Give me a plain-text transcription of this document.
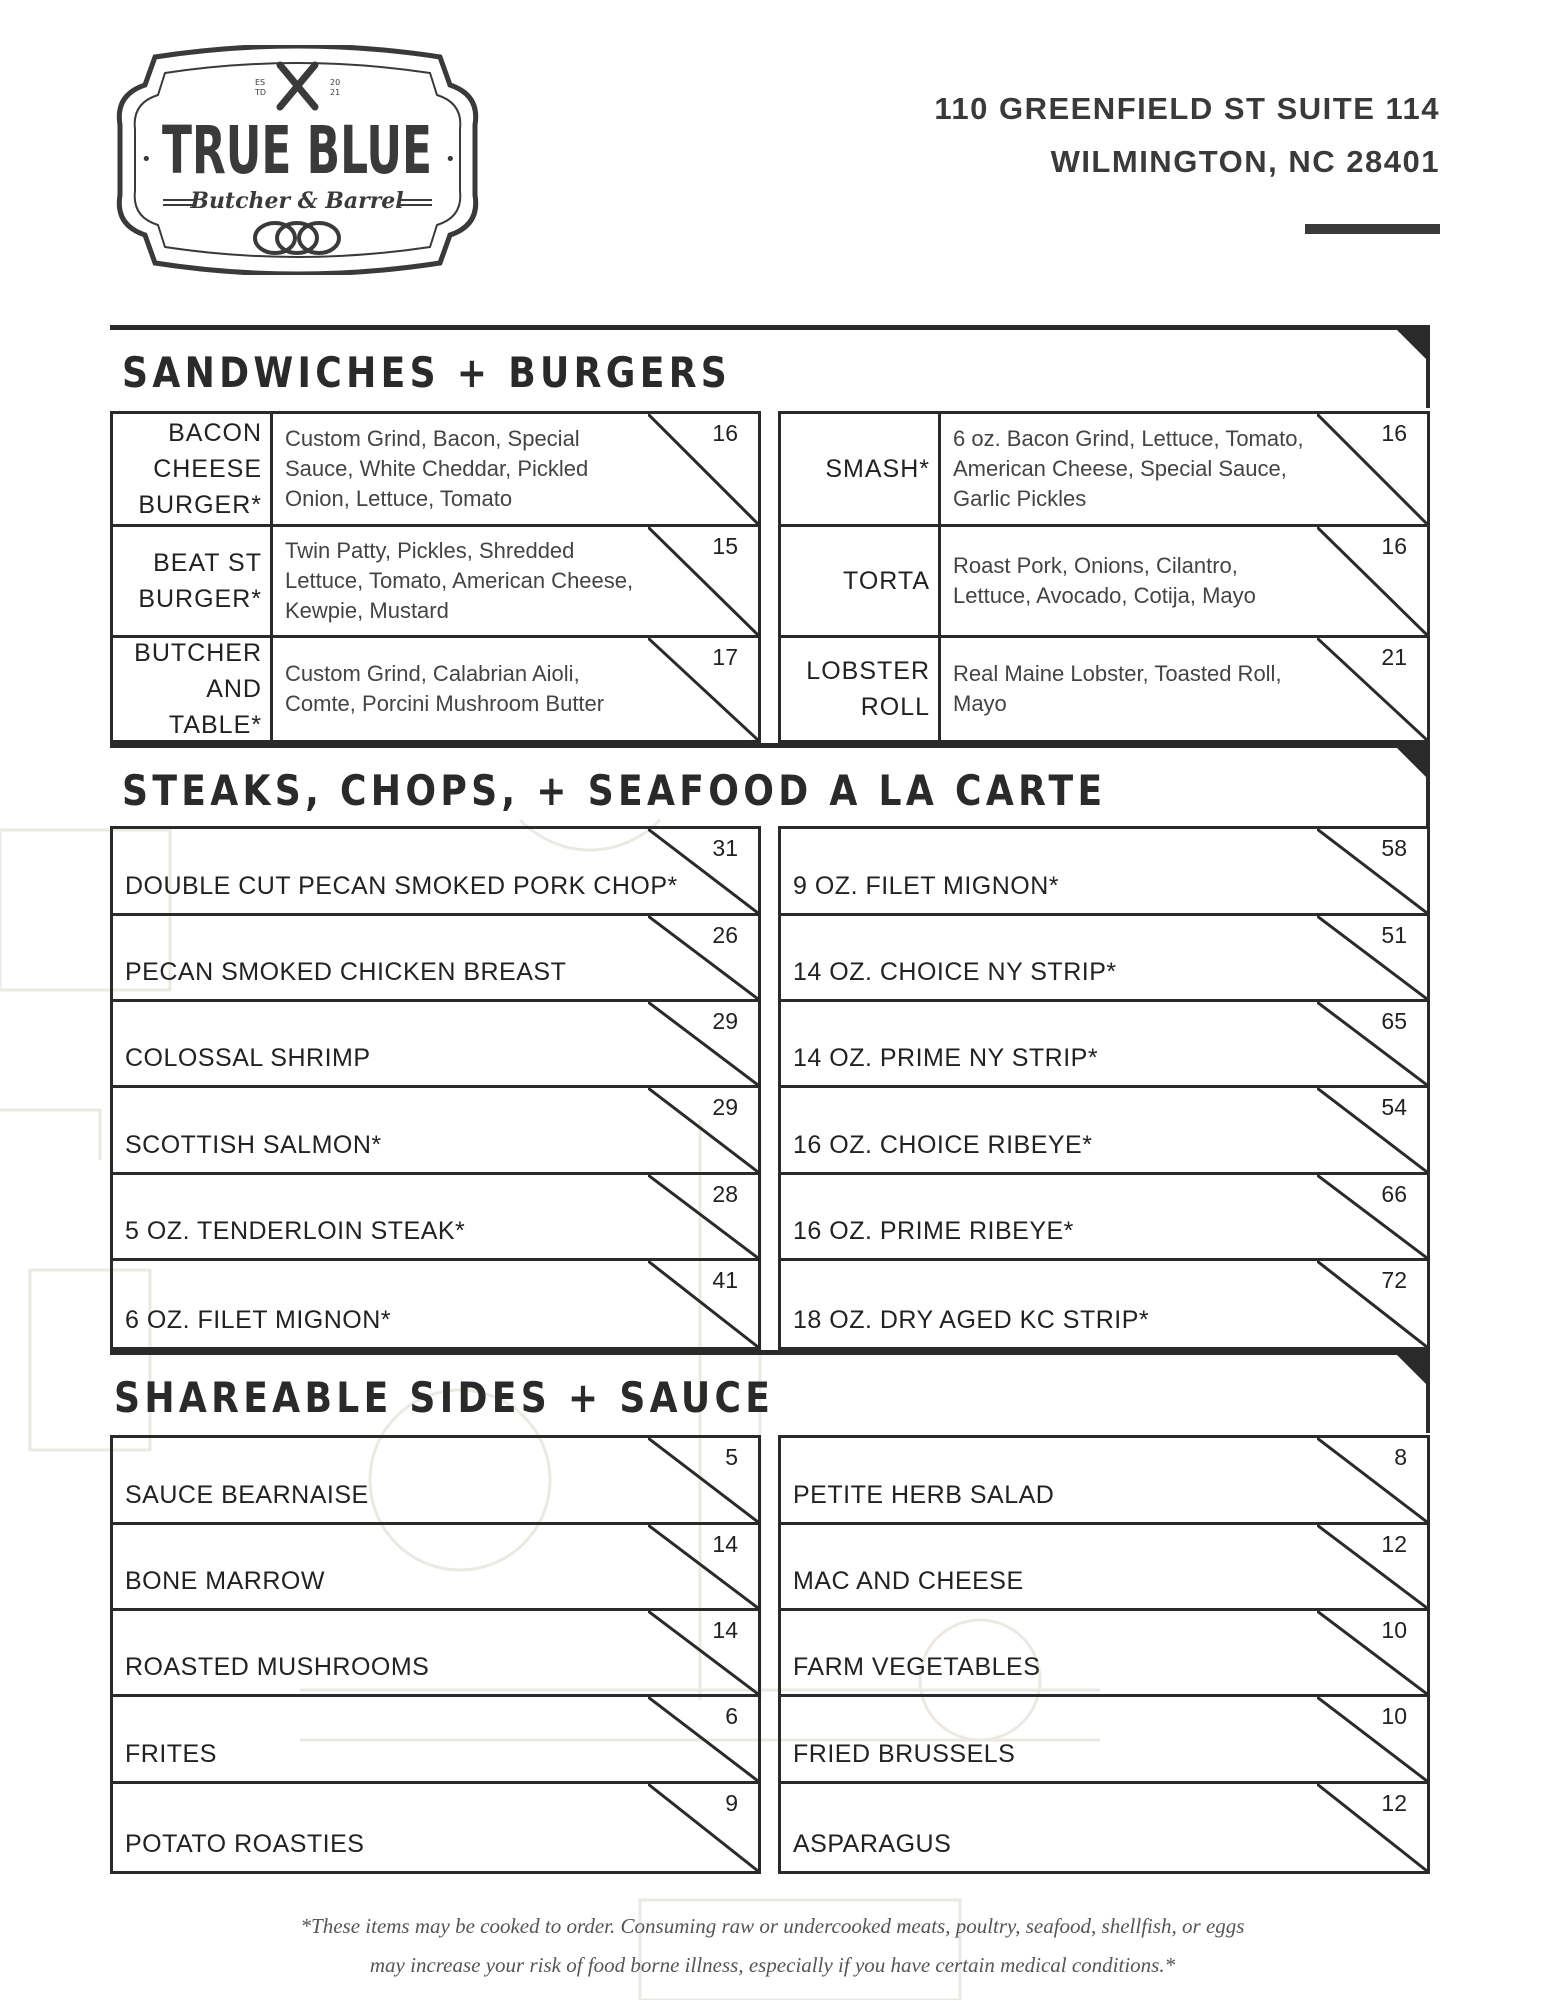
ES
TD
20
21
TRUE BLUE
•	•
Butcher & Barrel
110 GREENFIELD ST SUITE 114
WILMINGTON, NC 28401
SANDWICHES + BURGERS
BACON CHEESE BURGER*
Custom Grind, Bacon, Special Sauce, White Cheddar, Pickled Onion, Lettuce, Tomato
16
BEAT ST BURGER*
Twin Patty, Pickles, Shredded Lettuce, Tomato, American Cheese, Kewpie, Mustard
15
BUTCHER AND TABLE*
Custom Grind, Calabrian Aioli, Comte, Porcini Mushroom Butter
17
SMASH*
6 oz. Bacon Grind, Lettuce, Tomato, American Cheese, Special Sauce, Garlic Pickles
16
TORTA
Roast Pork, Onions, Cilantro, Lettuce, Avocado, Cotija, Mayo
16
LOBSTER ROLL
Real Maine Lobster, Toasted Roll, Mayo
21
STEAKS, CHOPS, + SEAFOOD A LA CARTE
DOUBLE CUT PECAN SMOKED PORK CHOP*
31
PECAN SMOKED CHICKEN BREAST
26
COLOSSAL SHRIMP
29
SCOTTISH SALMON*
29
5 OZ. TENDERLOIN STEAK*
28
6 OZ. FILET MIGNON*
41
9 OZ. FILET MIGNON*
58
14 OZ. CHOICE NY STRIP*
51
14 OZ. PRIME NY STRIP*
65
16 OZ. CHOICE RIBEYE*
54
16 OZ. PRIME RIBEYE*
66
18 OZ. DRY AGED KC STRIP*
72
SHAREABLE SIDES + SAUCE
SAUCE BEARNAISE
5
BONE MARROW
14
ROASTED MUSHROOMS
14
FRITES
6
POTATO ROASTIES
9
PETITE HERB SALAD
8
MAC AND CHEESE
12
FARM VEGETABLES
10
FRIED BRUSSELS
10
ASPARAGUS
12
*These items may be cooked to order. Consuming raw or undercooked meats, poultry, seafood, shellfish, or eggs
may increase your risk of food borne illness, especially if you have certain medical conditions.*
